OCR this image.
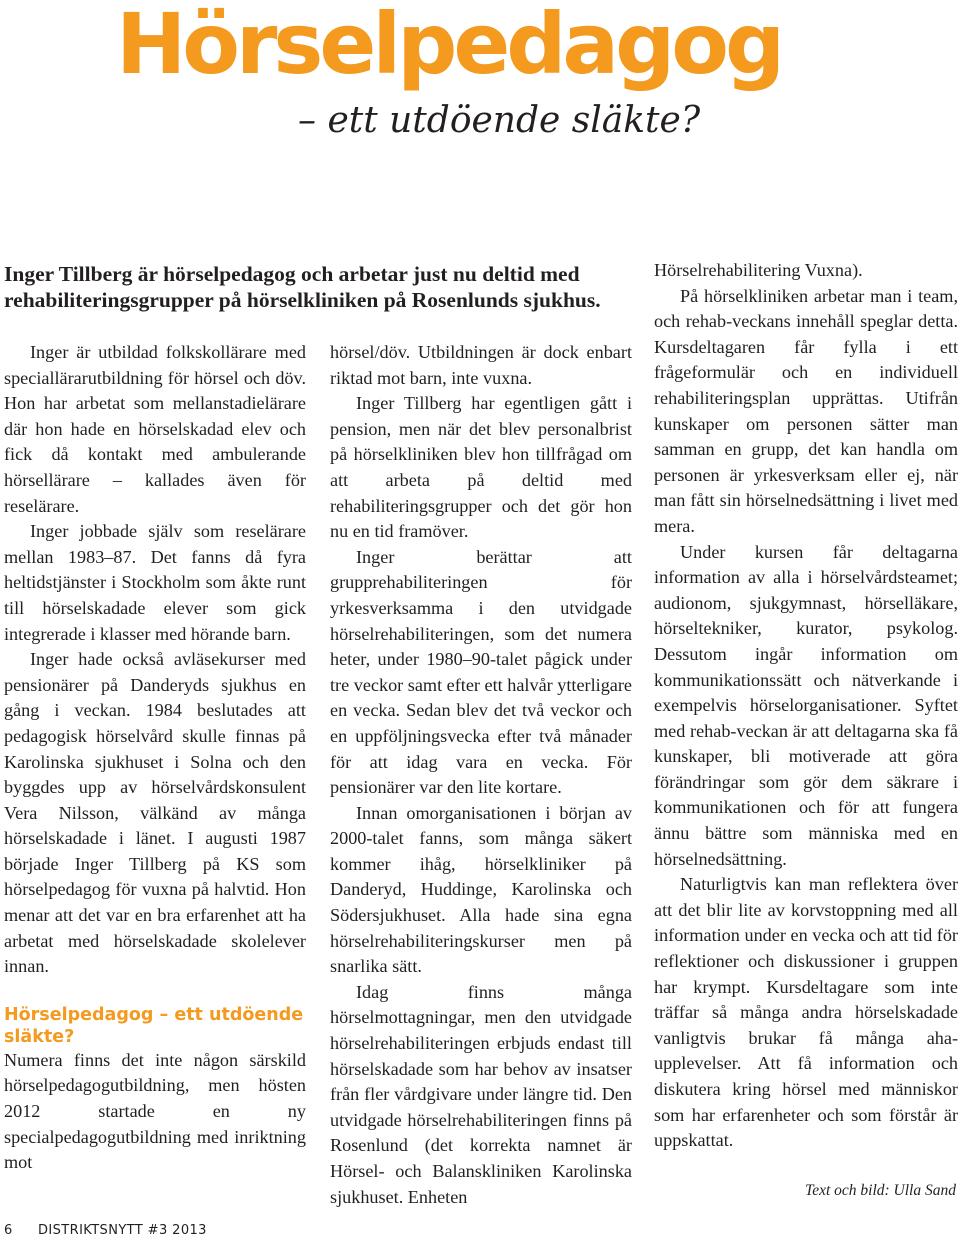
Hörselpedagog
– ett utdöende släkte?

Inger Tillberg är hörselpedagog och arbetar just nu deltid med rehabiliteringsgrupper på hörselkliniken på Rosenlunds sjukhus.

Inger är utbildad folkskollärare med speciallärarutbildning för hörsel och döv. Hon har arbetat som mellanstadielärare där hon hade en hörselskadad elev och fick då kontakt med ambulerande hörsellärare – kallades även för reselärare.

Inger jobbade själv som reselärare mellan 1983–87. Det fanns då fyra heltidstjänster i Stockholm som åkte runt till hörselskadade elever som gick integrerade i klasser med hörande barn.

Inger hade också avläsekurser med pensionärer på Danderyds sjukhus en gång i veckan. 1984 beslutades att pedagogisk hörselvård skulle finnas på Karolinska sjukhuset i Solna och den byggdes upp av hörselvårdskonsulent Vera Nilsson, välkänd av många hörselskadade i länet. I augusti 1987 började Inger Tillberg på KS som hörselpedagog för vuxna på halvtid. Hon menar att det var en bra erfarenhet att ha arbetat med hörselskadade skolelever innan.

Hörselpedagog – ett utdöende släkte?

Numera finns det inte någon särskild hörselpedagogutbildning, men hösten 2012 startade en ny specialpedagogutbildning med inriktning mot

hörsel/döv. Utbildningen är dock enbart riktad mot barn, inte vuxna.

Inger Tillberg har egentligen gått i pension, men när det blev personalbrist på hörselkliniken blev hon tillfrågad om att arbeta på deltid med rehabiliteringsgrupper och det gör hon nu en tid framöver.

Inger berättar att grupprehabiliteringen för yrkesverksamma i den utvidgade hörselrehabiliteringen, som det numera heter, under 1980–90-talet pågick under tre veckor samt efter ett halvår ytterligare en vecka. Sedan blev det två veckor och en uppföljningsvecka efter två månader för att idag vara en vecka. För pensionärer var den lite kortare.

Innan omorganisationen i början av 2000-talet fanns, som många säkert kommer ihåg, hörselkliniker på Danderyd, Huddinge, Karolinska och Södersjukhuset. Alla hade sina egna hörselrehabiliteringskurser men på snarlika sätt.

Idag finns många hörselmottagningar, men den utvidgade hörselrehabiliteringen erbjuds endast till hörselskadade som har behov av insatser från fler vårdgivare under längre tid. Den utvidgade hörselrehabiliteringen finns på Rosenlund (det korrekta namnet är Hörsel- och Balanskliniken Karolinska sjukhuset. Enheten

Hörselrehabilitering Vuxna).

På hörselkliniken arbetar man i team, och rehab-veckans innehåll speglar detta. Kursdeltagaren får fylla i ett frågeformulär och en individuell rehabiliteringsplan upprättas. Utifrån kunskaper om personen sätter man samman en grupp, det kan handla om personen är yrkesverksam eller ej, när man fått sin hörselnedsättning i livet med mera.

Under kursen får deltagarna information av alla i hörselvårdsteamet; audionom, sjukgymnast, hörselläkare, hörseltekniker, kurator, psykolog. Dessutom ingår information om kommunikationssätt och nätverkande i exempelvis hörselorganisationer. Syftet med rehab-veckan är att deltagarna ska få kunskaper, bli motiverade att göra förändringar som gör dem säkrare i kommunikationen och för att fungera ännu bättre som människa med en hörselnedsättning.

Naturligtvis kan man reflektera över att det blir lite av korvstoppning med all information under en vecka och att tid för reflektioner och diskussioner i gruppen har krympt. Kursdeltagare som inte träffar så många andra hörselskadade vanligtvis brukar få många aha-upplevelser. Att få information och diskutera kring hörsel med människor som har erfarenheter och som förstår är uppskattat.

Text och bild: Ulla Sand

6 DISTRIKTSNYTT #3 2013
